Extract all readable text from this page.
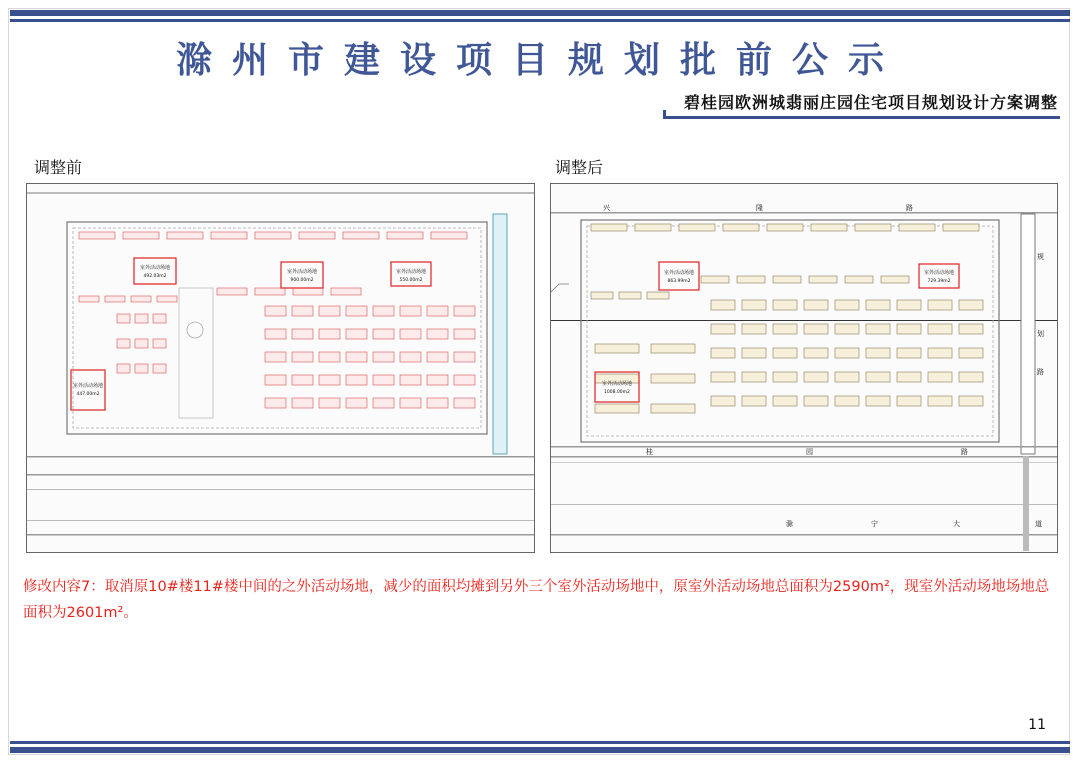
滁州市建设项目规划批前公示
碧桂园欧洲城翡丽庄园住宅项目规划设计方案调整
调整前	调整后
室外活动场地
492.03m2
室外活动场地
900.00m2
室外活动场地
550.00m2
室外活动场地
447.00m2
室外活动场地
863.99m2
室外活动场地
729.39m2
室外活动场地
1008.00m2
兴	隆	路
规
划
路
桂	园	路
滁	宁	大	道
修改内容7：取消原10#楼11#楼中间的之外活动场地，减少的面积均摊到另外三个室外活动场地中，原室外活动场地总面积为2590m²，现室外活动场地场地总面积为2601m²。
11
